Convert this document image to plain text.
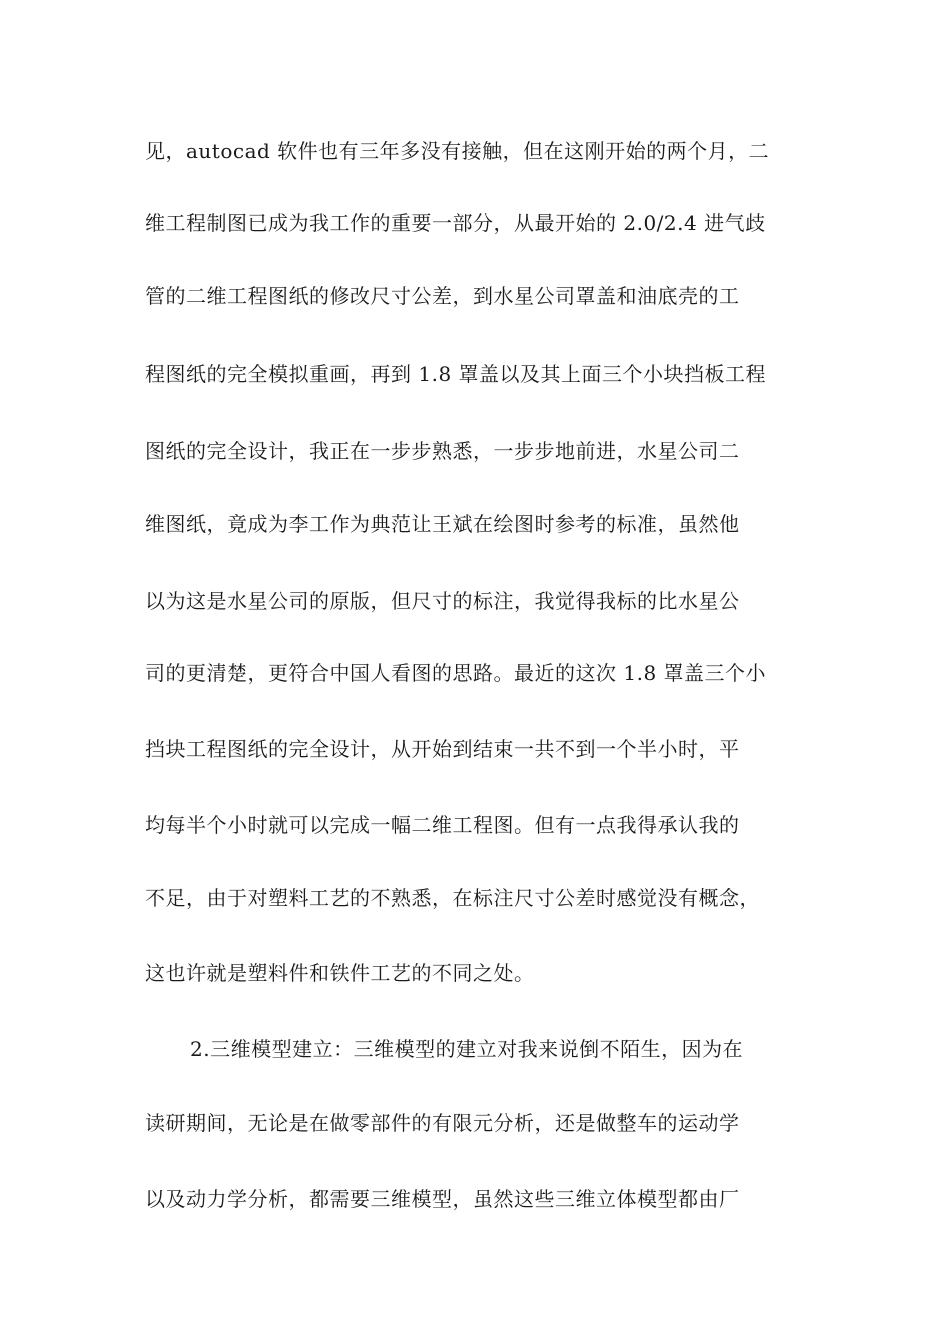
见，autocad 软件也有三年多没有接触，但在这刚开始的两个月，二
维工程制图已成为我工作的重要一部分，从最开始的 2.0/2.4 进气歧
管的二维工程图纸的修改尺寸公差，到水星公司罩盖和油底壳的工
程图纸的完全模拟重画，再到 1.8 罩盖以及其上面三个小块挡板工程
图纸的完全设计，我正在一步步熟悉，一步步地前进，水星公司二
维图纸，竟成为李工作为典范让王斌在绘图时参考的标准，虽然他
以为这是水星公司的原版，但尺寸的标注，我觉得我标的比水星公
司的更清楚，更符合中国人看图的思路。最近的这次 1.8 罩盖三个小
挡块工程图纸的完全设计，从开始到结束一共不到一个半小时，平
均每半个小时就可以完成一幅二维工程图。但有一点我得承认我的
不足，由于对塑料工艺的不熟悉，在标注尺寸公差时感觉没有概念，
这也许就是塑料件和铁件工艺的不同之处。
2.三维模型建立：三维模型的建立对我来说倒不陌生，因为在
读研期间，无论是在做零部件的有限元分析，还是做整车的运动学
以及动力学分析，都需要三维模型，虽然这些三维立体模型都由厂
